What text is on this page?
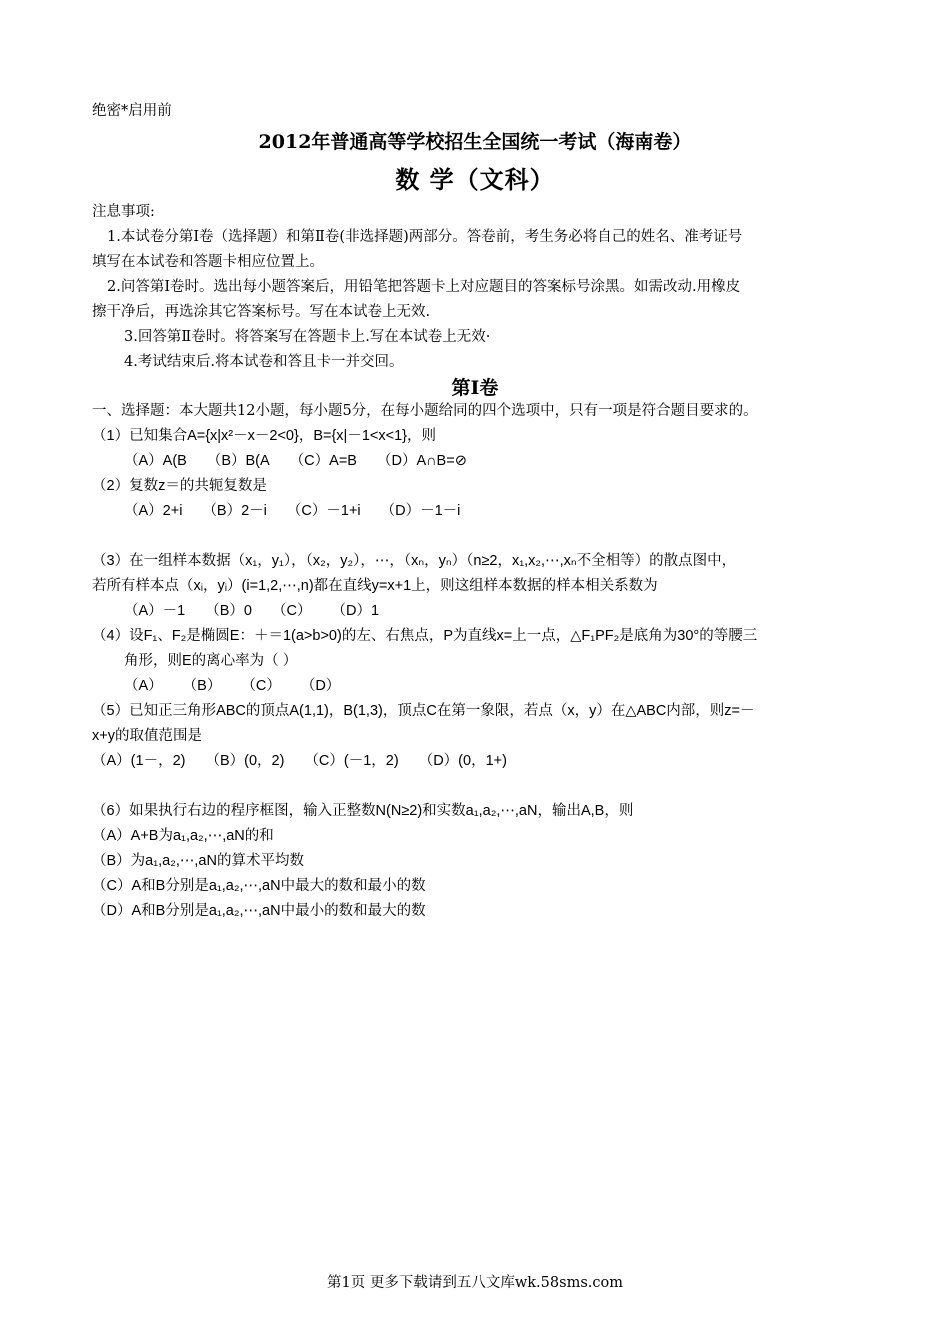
绝密*启用前
2012年普通高等学校招生全国统一考试（海南卷）
数 学（文科）
注息事项:
1.本试卷分第Ⅰ卷（选择题）和第Ⅱ卷(非选择题)两部分。答卷前，考生务必将自己的姓名、准考证号
填写在本试卷和答题卡相应位置上。
2.问答第Ⅰ卷时。选出每小题答案后，用铅笔把答题卡上对应题目的答案标号涂黑。如需改动.用橡皮
擦干净后，再选涂其它答案标号。写在本试卷上无效.
3.回答第Ⅱ卷时。将答案写在答题卡上.写在本试卷上无效·
4.考试结束后.将本试卷和答且卡一并交回。
第Ⅰ卷
一、选择题：本大题共12小题，每小题5分，在每小题给同的四个选项中，只有一项是符合题目要求的。
（1）已知集合A={x|x²－x－2<0}，B={x|－1<x<1}，则
（A）A(B （B）B(A （C）A=B （D）A∩B=⊘
（2）复数z＝的共轭复数是
（A）2+i （B）2－i （C）－1+i （D）－1－i
（3）在一组样本数据（x₁，y₁），（x₂，y₂），⋯，（xₙ，yₙ）（n≥2，x₁,x₂,⋯,xₙ不全相等）的散点图中，
若所有样本点（xᵢ，yᵢ）(i=1,2,⋯,n)都在直线y=x+1上，则这组样本数据的样本相关系数为
（A）－1 （B）0 （C） （D）1
（4）设F₁、F₂是椭圆E：＋＝1(a>b>0)的左、右焦点，P为直线x=上一点，△F₁PF₂是底角为30°的等腰三
角形，则E的离心率为（ ）
（A） （B） （C） （D）
（5）已知正三角形ABC的顶点A(1,1)，B(1,3)，顶点C在第一象限，若点（x，y）在△ABC内部，则z=－
x+y的取值范围是
（A）(1－，2) （B）(0，2) （C）(－1，2) （D）(0，1+)
（6）如果执行右边的程序框图，输入正整数N(N≥2)和实数a₁,a₂,⋯,aN，输出A,B，则
（A）A+B为a₁,a₂,⋯,aN的和
（B）为a₁,a₂,⋯,aN的算术平均数
（C）A和B分别是a₁,a₂,⋯,aN中最大的数和最小的数
（D）A和B分别是a₁,a₂,⋯,aN中最小的数和最大的数
第1页 更多下载请到五八文库wk.58sms.com
